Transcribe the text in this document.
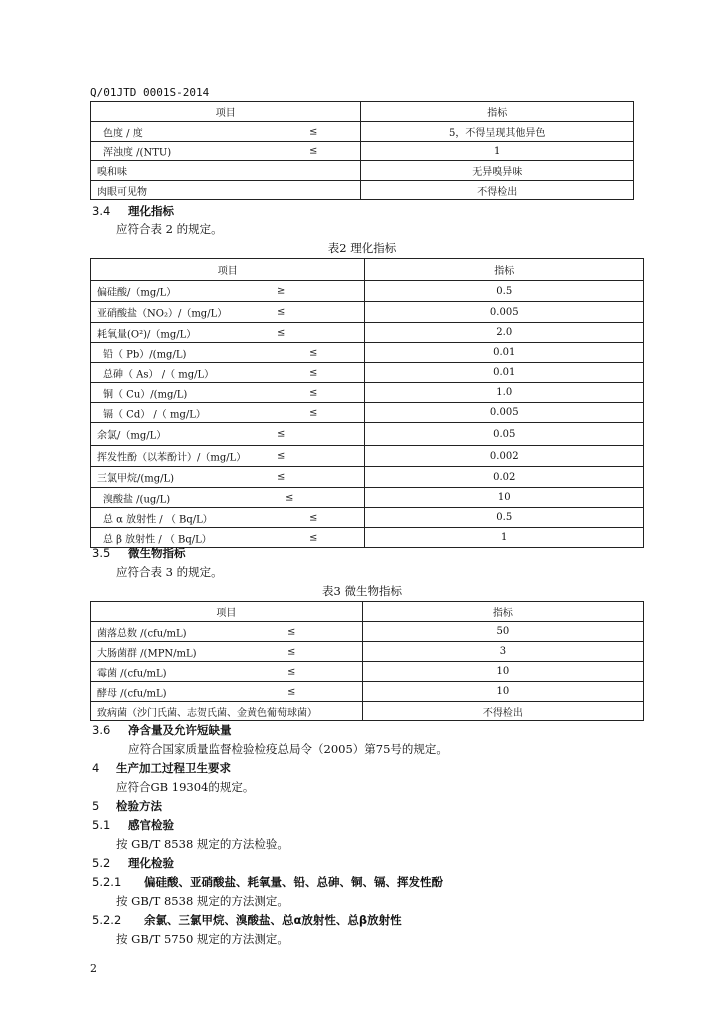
Q/01JTD 0001S-2014
项目	指标

色度 / 度 ≤	5，不得呈现其他异色

浑浊度 /(NTU) ≤	1
嗅和味	无异嗅异味
肉眼可见物	不得检出
3.4 理化指标
应符合表 2 的规定。
表2 理化指标
项目	指标

偏硅酸/（mg/L） ≥	0.5

亚硝酸盐（NO₂）/（mg/L） ≤	0.005

耗氧量(O²)/（mg/L） ≤	2.0

铅（ Pb）/(mg/L) ≤	0.01

总砷（ As） /（ mg/L） ≤	0.01

铜（ Cu）/(mg/L) ≤	1.0

镉（ Cd） /（ mg/L） ≤	0.005

余氯/（mg/L） ≤	0.05

挥发性酚（以苯酚计）/（mg/L） ≤	0.002

三氯甲烷/(mg/L) ≤	0.02

溴酸盐 /(ug/L) ≤	10

总 α 放射性 / （ Bq/L） ≤	0.5

总 β 放射性 / （ Bq/L） ≤	1
3.5 微生物指标
应符合表 3 的规定。
表3 微生物指标
项目	指标

菌落总数 /(cfu/mL) ≤	50

大肠菌群 /(MPN/mL) ≤	3

霉菌 /(cfu/mL) ≤	10

酵母 /(cfu/mL) ≤	10
致病菌（沙门氏菌、志贺氏菌、金黄色葡萄球菌）	不得检出
3.6 净含量及允许短缺量
应符合国家质量监督检验检疫总局令（2005）第75号的规定。
4 生产加工过程卫生要求
应符合GB 19304的规定。
5 检验方法
5.1 感官检验
按 GB/T 8538 规定的方法检验。
5.2 理化检验
5.2.1 偏硅酸、亚硝酸盐、耗氧量、铅、总砷、铜、镉、挥发性酚
按 GB/T 8538 规定的方法测定。
5.2.2 余氯、三氯甲烷、溴酸盐、总α放射性、总β放射性
按 GB/T 5750 规定的方法测定。
2
